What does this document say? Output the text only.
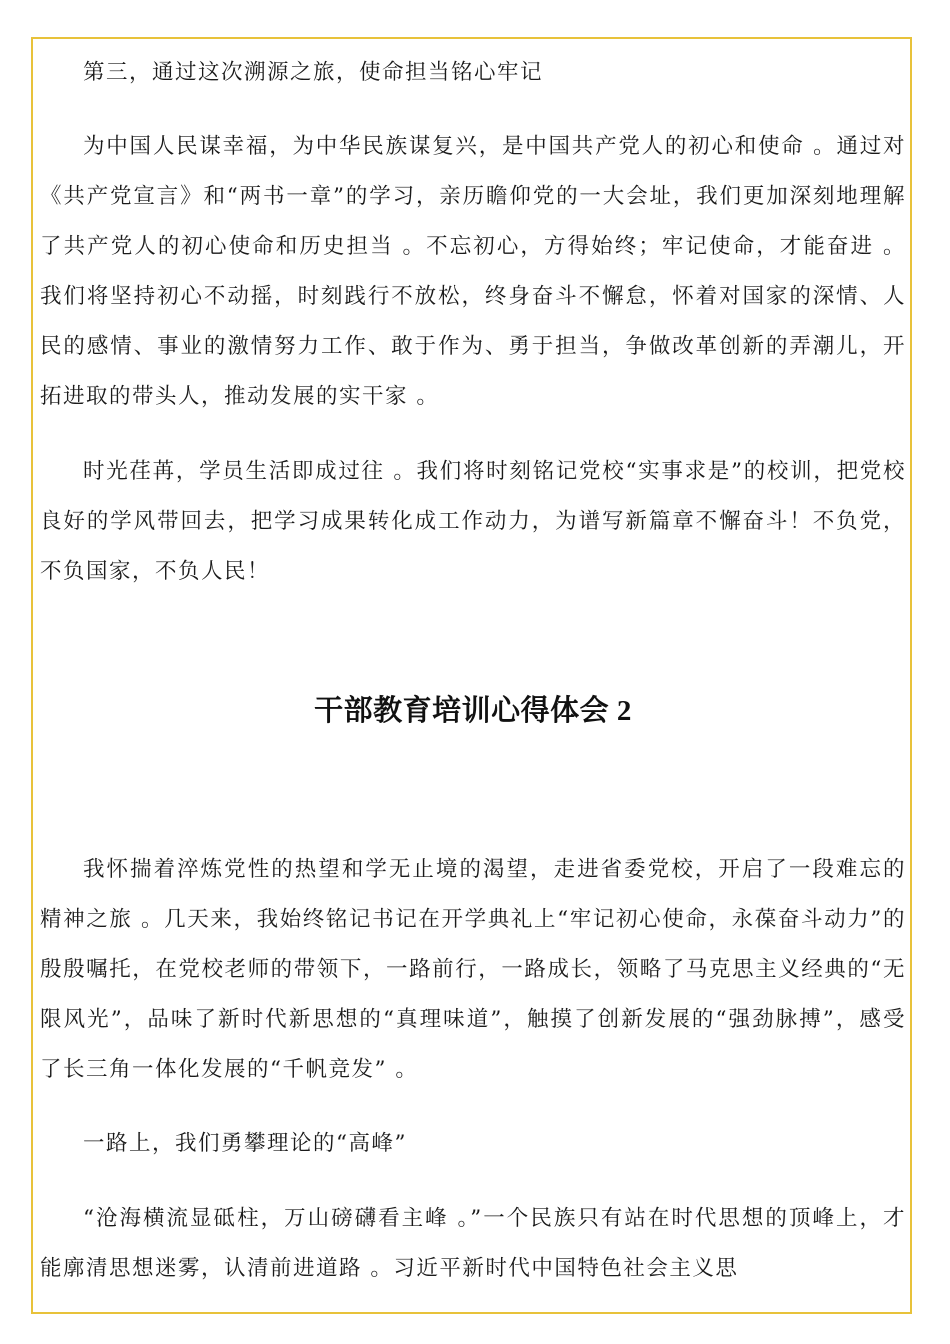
第三，通过这次溯源之旅，使命担当铭心牢记

为中国人民谋幸福，为中华民族谋复兴，是中国共产党人的初心和使命 。通过对《共产党宣言》和“两书一章”的学习，亲历瞻仰党的一大会址，我们更加深刻地理解了共产党人的初心使命和历史担当 。不忘初心，方得始终；牢记使命，才能奋进 。我们将坚持初心不动摇，时刻践行不放松，终身奋斗不懈怠，怀着对国家的深情、人民的感情、事业的激情努力工作、敢于作为、勇于担当，争做改革创新的弄潮儿，开拓进取的带头人，推动发展的实干家 。

时光荏苒，学员生活即成过往 。我们将时刻铭记党校“实事求是”的校训，把党校良好的学风带回去，把学习成果转化成工作动力，为谱写新篇章不懈奋斗！不负党，不负国家，不负人民！

干部教育培训心得体会 2

我怀揣着淬炼党性的热望和学无止境的渴望，走进省委党校，开启了一段难忘的精神之旅 。几天来，我始终铭记书记在开学典礼上“牢记初心使命，永葆奋斗动力”的殷殷嘱托，在党校老师的带领下，一路前行，一路成长，领略了马克思主义经典的“无限风光”，品味了新时代新思想的“真理味道”，触摸了创新发展的“强劲脉搏”，感受了长三角一体化发展的“千帆竞发” 。

一路上，我们勇攀理论的“高峰”

“沧海横流显砥柱，万山磅礴看主峰 。”一个民族只有站在时代思想的顶峰上，才能廓清思想迷雾，认清前进道路 。习近平新时代中国特色社会主义思
